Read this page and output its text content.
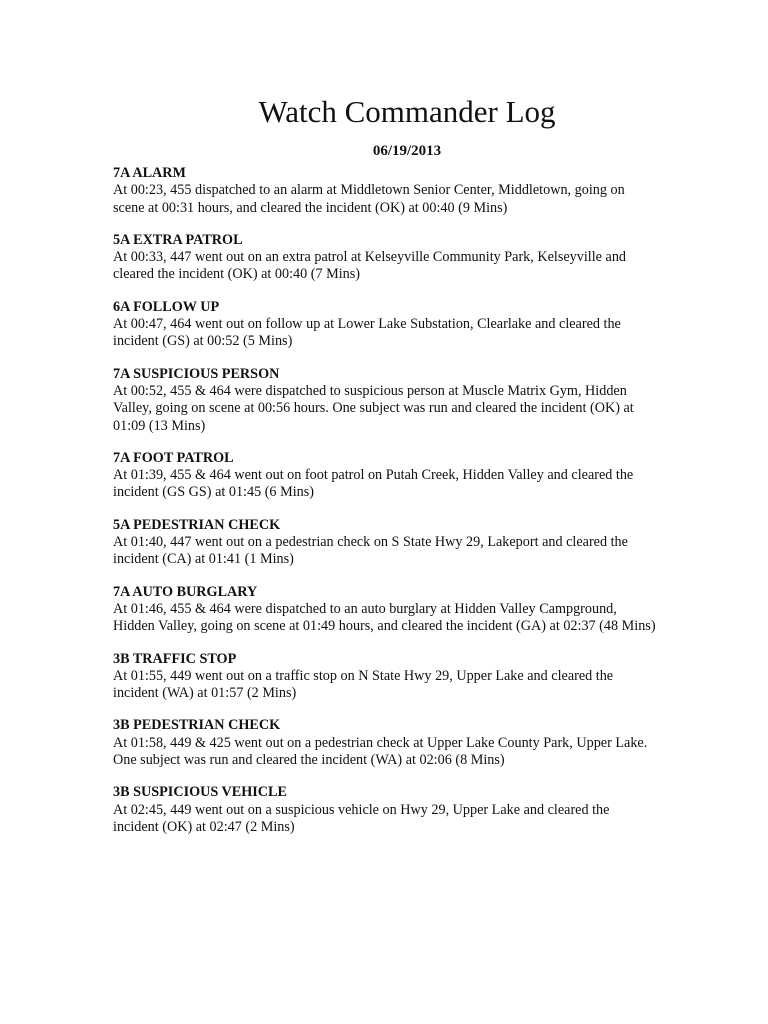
Watch Commander Log
06/19/2013

7A ALARM

At 00:23, 455 dispatched to an alarm at Middletown Senior Center, Middletown, going on scene at 00:31 hours, and cleared the incident (OK) at 00:40 (9 Mins)

5A EXTRA PATROL

At 00:33, 447 went out on an extra patrol at Kelseyville Community Park, Kelseyville and cleared the incident (OK) at 00:40 (7 Mins)

6A FOLLOW UP

At 00:47, 464 went out on follow up at Lower Lake Substation, Clearlake and cleared the incident (GS) at 00:52 (5 Mins)

7A SUSPICIOUS PERSON

At 00:52, 455 & 464 were dispatched to suspicious person at Muscle Matrix Gym, Hidden Valley, going on scene at 00:56 hours. One subject was run and cleared the incident (OK) at 01:09 (13 Mins)

7A FOOT PATROL

At 01:39, 455 & 464 went out on foot patrol on Putah Creek, Hidden Valley and cleared the incident (GS GS) at 01:45 (6 Mins)

5A PEDESTRIAN CHECK

At 01:40, 447 went out on a pedestrian check on S State Hwy 29, Lakeport and cleared the incident (CA) at 01:41 (1 Mins)

7A AUTO BURGLARY

At 01:46, 455 & 464 were dispatched to an auto burglary at Hidden Valley Campground, Hidden Valley, going on scene at 01:49 hours, and cleared the incident (GA) at 02:37 (48 Mins)

3B TRAFFIC STOP

At 01:55, 449 went out on a traffic stop on N State Hwy 29, Upper Lake and cleared the incident (WA) at 01:57 (2 Mins)

3B PEDESTRIAN CHECK

At 01:58, 449 & 425 went out on a pedestrian check at Upper Lake County Park, Upper Lake. One subject was run and cleared the incident (WA) at 02:06 (8 Mins)

3B SUSPICIOUS VEHICLE

At 02:45, 449 went out on a suspicious vehicle on Hwy 29, Upper Lake and cleared the incident (OK) at 02:47 (2 Mins)
